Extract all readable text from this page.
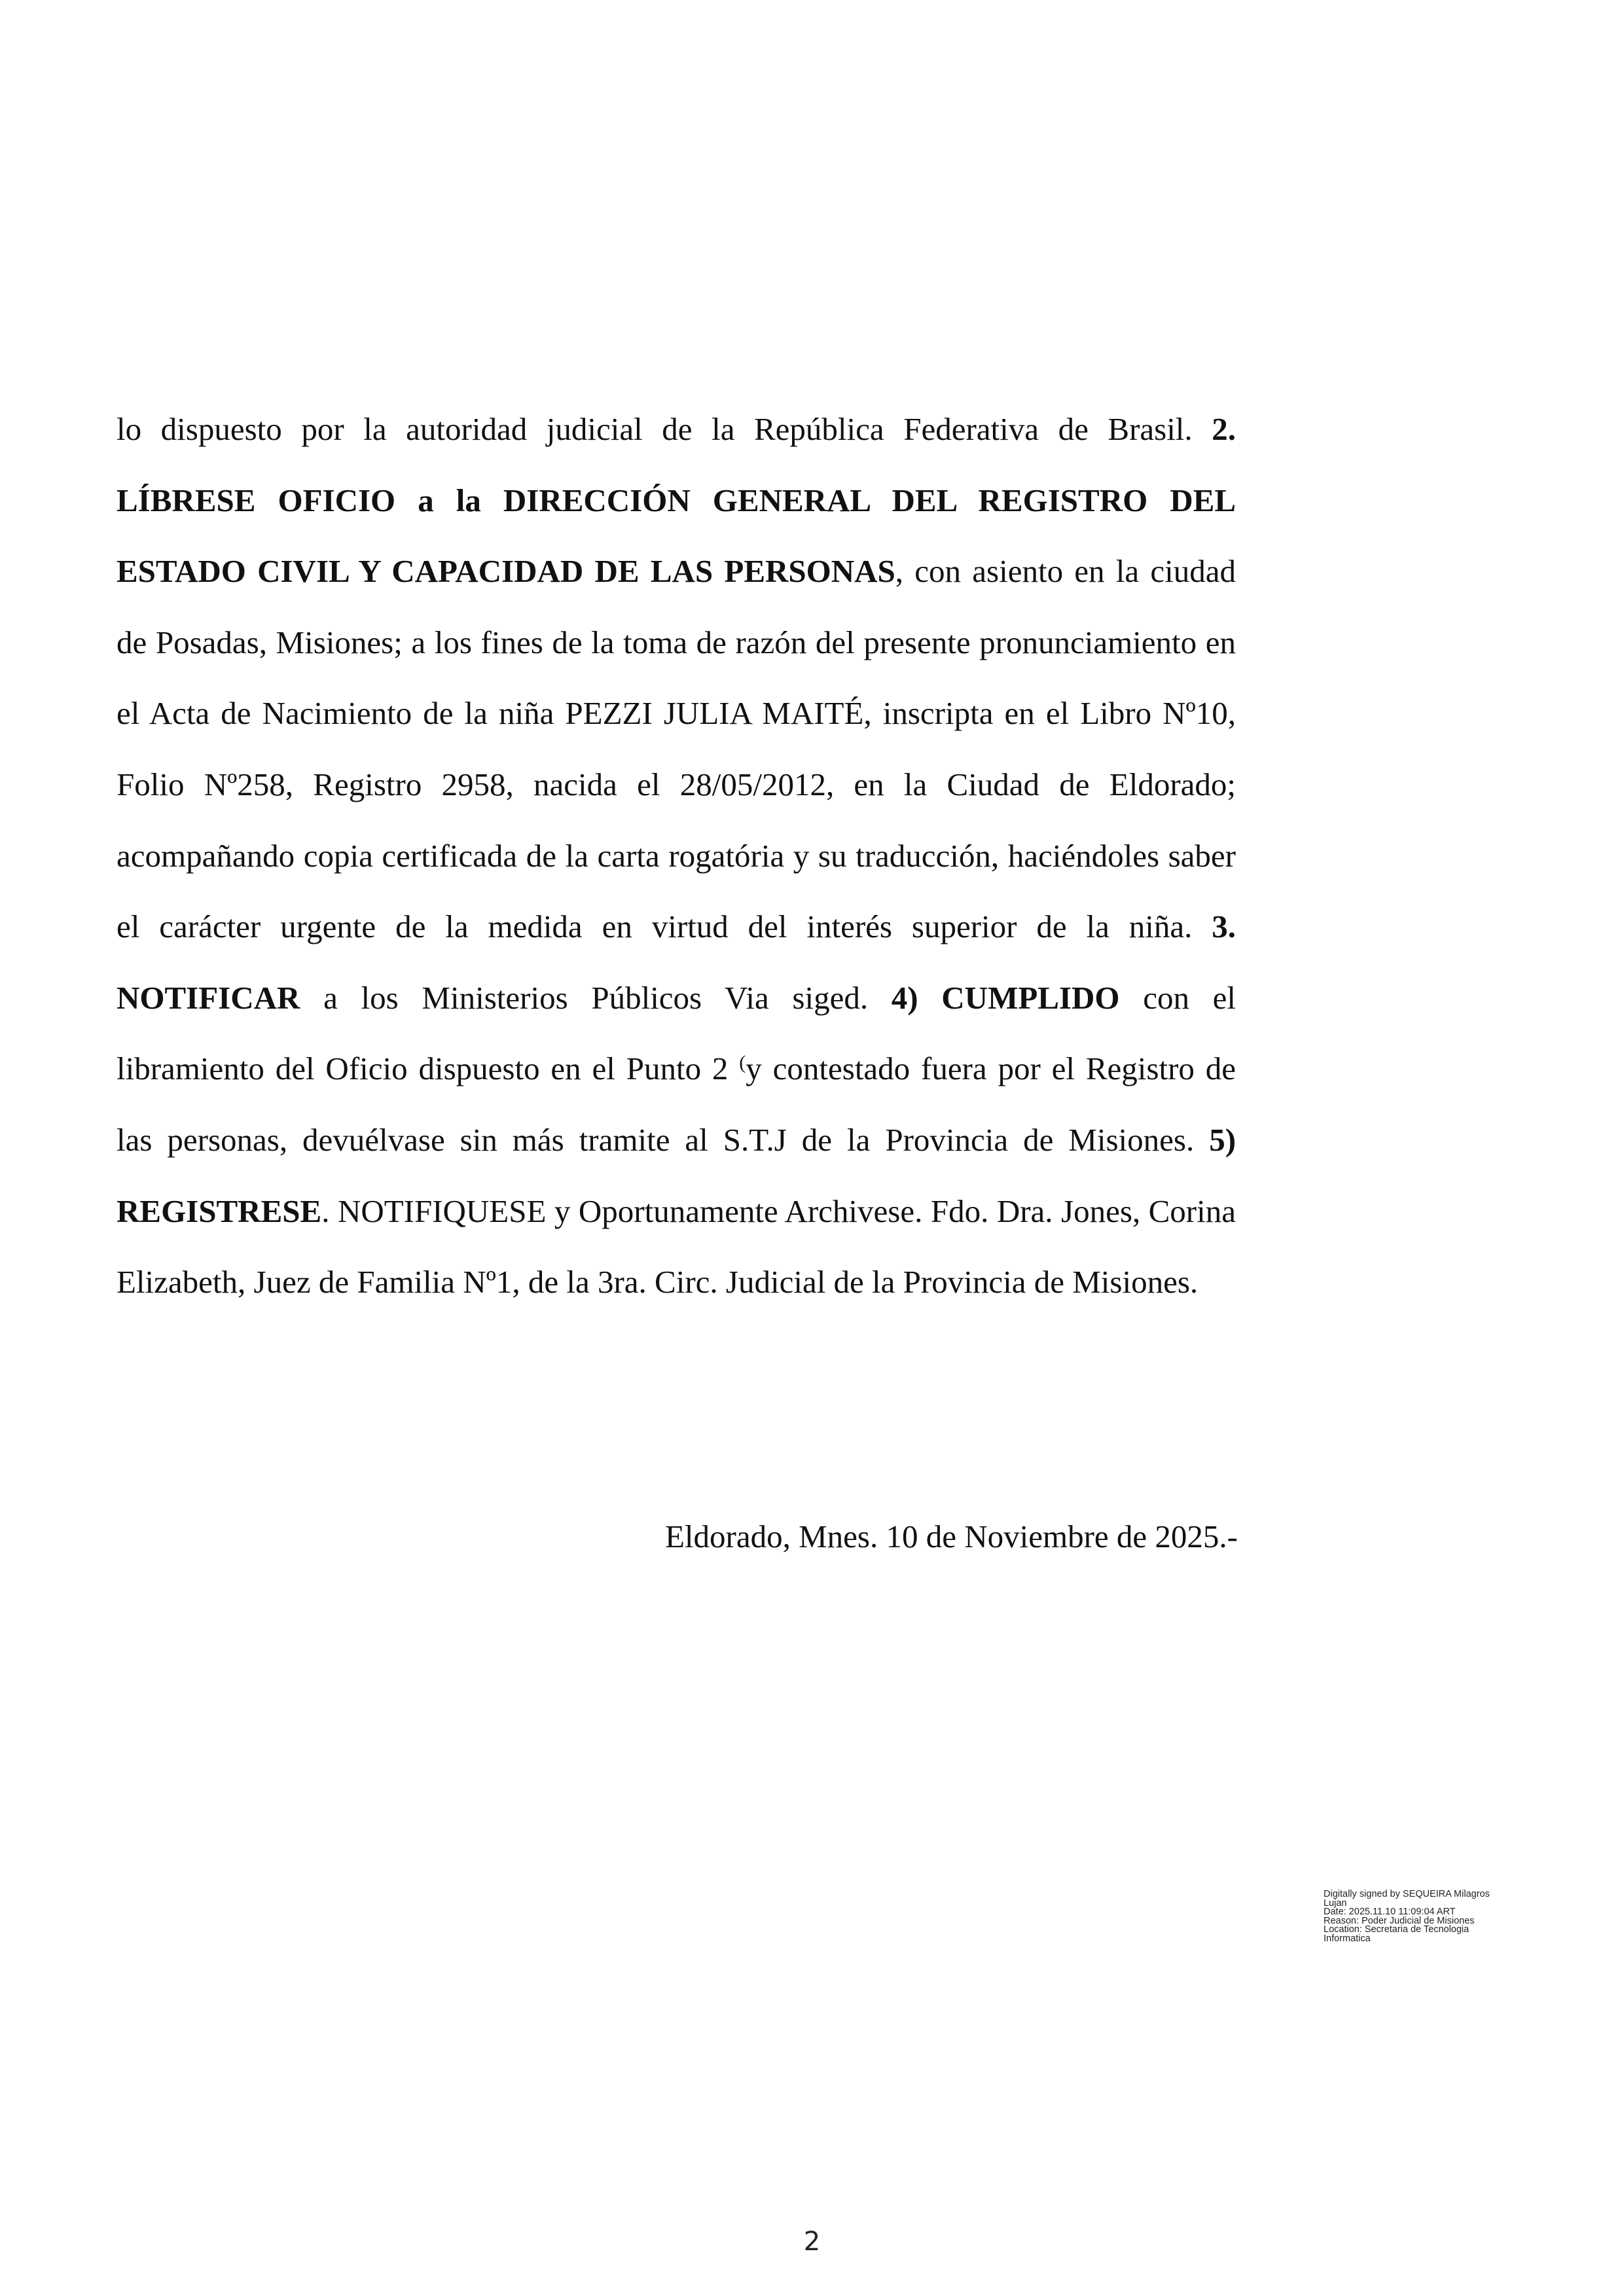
lo dispuesto por la autoridad judicial de la República Federativa de Brasil. 2. LÍBRESE OFICIO a la DIRECCIÓN GENERAL DEL REGISTRO DEL ESTADO CIVIL Y CAPACIDAD DE LAS PERSONAS, con asiento en la ciudad de Posadas, Misiones; a los fines de la toma de razón del presente pronunciamiento en el Acta de Nacimiento de la niña PEZZI JULIA MAITÉ, inscripta en el Libro Nº10, Folio Nº258, Registro 2958, nacida el 28/05/2012, en la Ciudad de Eldorado; acompañando copia certificada de la carta rogatória y su traducción, haciéndoles saber el carácter urgente de la medida en virtud del interés superior de la niña. 3. NOTIFICAR a los Ministerios Públicos Via siged. 4) CUMPLIDO con el libramiento del Oficio dispuesto en el Punto 2 (y contestado fuera por el Registro de las personas, devuélvase sin más tramite al S.T.J de la Provincia de Misiones. 5) REGISTRESE. NOTIFIQUESE y Oportunamente Archivese. Fdo. Dra. Jones, Corina Elizabeth, Juez de Familia Nº1, de la 3ra. Circ. Judicial de la Provincia de Misiones.

Eldorado, Mnes. 10 de Noviembre de 2025.-
Digitally signed by SEQUEIRA Milagros
Lujan
Date: 2025.11.10 11:09:04 ART
Reason: Poder Judicial de Misiones
Location: Secretaria de Tecnologia
Informatica
2
